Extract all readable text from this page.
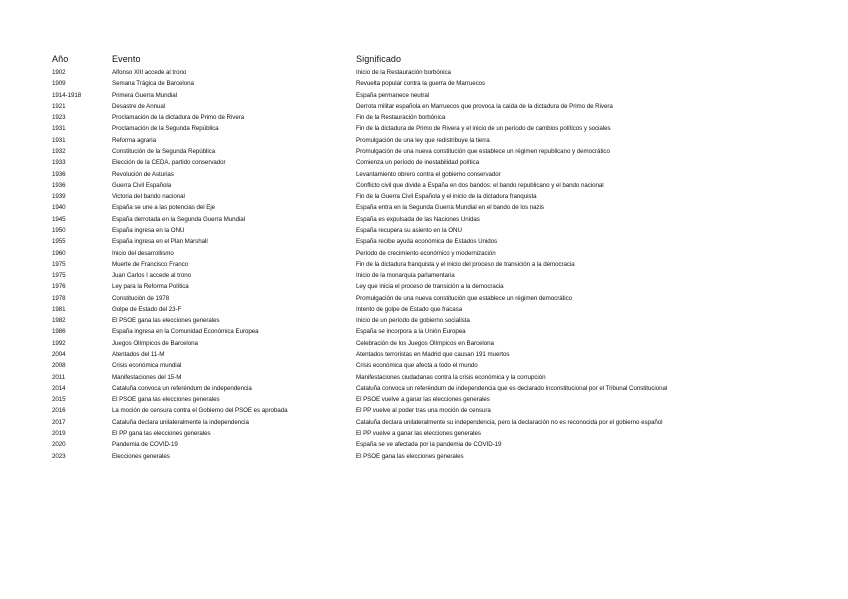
Año	Evento	Significado
1902	Alfonso XIII accede al trono	Inicio de la Restauración borbónica
1909	Semana Trágica de Barcelona	Revuelta popular contra la guerra de Marruecos
1914-1918	Primera Guerra Mundial	España permanece neutral
1921	Desastre de Annual	Derrota militar española en Marruecos que provoca la caída de la dictadura de Primo de Rivera
1923	Proclamación de la dictadura de Primo de Rivera	Fin de la Restauración borbónica
1931	Proclamación de la Segunda República	Fin de la dictadura de Primo de Rivera y el inicio de un período de cambios políticos y sociales
1931	Reforma agraria	Promulgación de una ley que redistribuye la tierra
1932	Constitución de la Segunda República	Promulgación de una nueva constitución que establece un régimen republicano y democrático
1933	Elección de la CEDA, partido conservador	Comienza un período de inestabilidad política
1936	Revolución de Asturias	Levantamiento obrero contra el gobierno conservador
1936	Guerra Civil Española	Conflicto civil que divide a España en dos bandos: el bando republicano y el bando nacional
1939	Victoria del bando nacional	Fin de la Guerra Civil Española y el inicio de la dictadura franquista
1940	España se une a las potencias del Eje	España entra en la Segunda Guerra Mundial en el bando de los nazis
1945	España derrotada en la Segunda Guerra Mundial	España es expulsada de las Naciones Unidas
1950	España ingresa en la ONU	España recupera su asiento en la ONU
1955	España ingresa en el Plan Marshall	España recibe ayuda económica de Estados Unidos
1960	Inicio del desarrollismo	Período de crecimiento económico y modernización
1975	Muerte de Francisco Franco	Fin de la dictadura franquista y el inicio del proceso de transición a la democracia
1975	Juan Carlos I accede al trono	Inicio de la monarquía parlamentaria
1976	Ley para la Reforma Política	Ley que inicia el proceso de transición a la democracia
1978	Constitución de 1978	Promulgación de una nueva constitución que establece un régimen democrático
1981	Golpe de Estado del 23-F	Intento de golpe de Estado que fracasa
1982	El PSOE gana las elecciones generales	Inicio de un período de gobierno socialista
1986	España ingresa en la Comunidad Económica Europea	España se incorpora a la Unión Europea
1992	Juegos Olímpicos de Barcelona	Celebración de los Juegos Olímpicos en Barcelona
2004	Atentados del 11-M	Atentados terroristas en Madrid que causan 191 muertos
2008	Crisis económica mundial	Crisis económica que afecta a todo el mundo
2011	Manifestaciones del 15-M	Manifestaciones ciudadanas contra la crisis económica y la corrupción
2014	Cataluña convoca un referéndum de independencia	Cataluña convoca un referéndum de independencia que es declarado inconstitucional por el Tribunal Constitucional
2015	El PSOE gana las elecciones generales	El PSOE vuelve a ganar las elecciones generales
2016	La moción de censura contra el Gobierno del PSOE es aprobada	El PP vuelve al poder tras una moción de censura
2017	Cataluña declara unilateralmente la independencia	Cataluña declara unilateralmente su independencia, pero la declaración no es reconocida por el gobierno español
2019	El PP gana las elecciones generales	El PP vuelve a ganar las elecciones generales
2020	Pandemia de COVID-19	España se ve afectada por la pandemia de COVID-19
2023	Elecciones generales	El PSOE gana las elecciones generales
